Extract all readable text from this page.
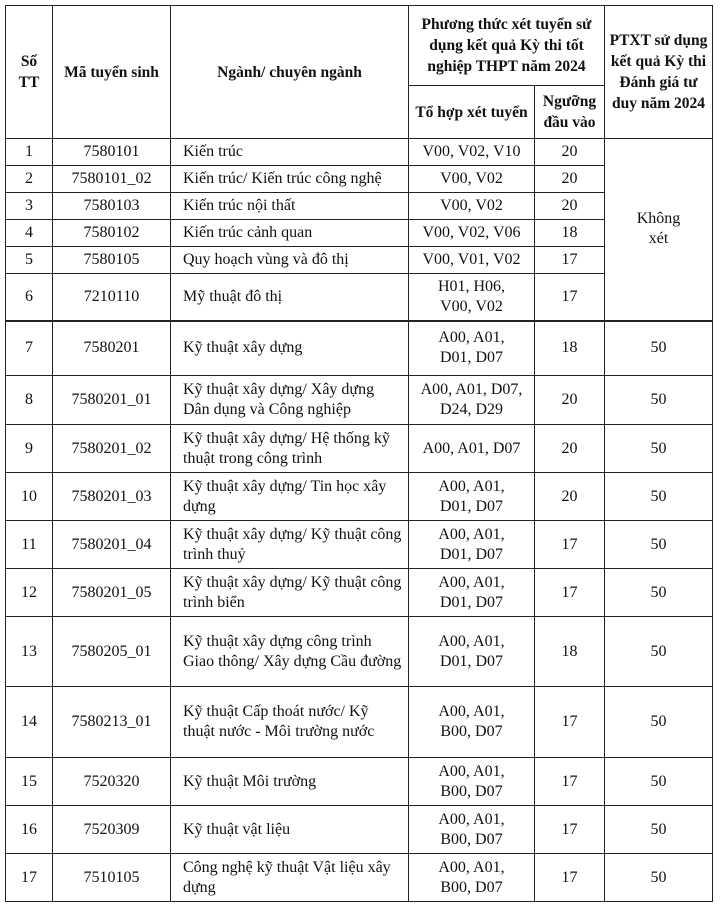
Số TT	Mã tuyển sinh	Ngành/ chuyên ngành	Phương thức xét tuyển sử dụng kết quả Kỳ thi tốt nghiệp THPT năm 2024		PTXT sử dụng kết quả Kỳ thi Đánh giá tư duy năm 2024
			Tổ hợp xét tuyển	Ngưỡng đầu vào	
1	7580101	Kiến trúc	V00, V02, V10	20	Không xét
2	7580101_02	Kiến trúc/ Kiến trúc công nghệ	V00, V02	20	
3	7580103	Kiến trúc nội thất	V00, V02	20	
4	7580102	Kiến trúc cảnh quan	V00, V02, V06	18	
5	7580105	Quy hoạch vùng và đô thị	V00, V01, V02	17	
6	7210110	Mỹ thuật đô thị	H01, H06, V00, V02	17	
7	7580201	Kỹ thuật xây dựng	A00, A01, D01, D07	18	50
8	7580201_01	Kỹ thuật xây dựng/ Xây dựng Dân dụng và Công nghiệp	A00, A01, D07, D24, D29	20	50
9	7580201_02	Kỹ thuật xây dựng/ Hệ thống kỹ thuật trong công trình	A00, A01, D07	20	50
10	7580201_03	Kỹ thuật xây dựng/ Tin học xây dựng	A00, A01, D01, D07	20	50
11	7580201_04	Kỹ thuật xây dựng/ Kỹ thuật công trình thuỷ	A00, A01, D01, D07	17	50
12	7580201_05	Kỹ thuật xây dựng/ Kỹ thuật công trình biển	A00, A01, D01, D07	17	50
13	7580205_01	Kỹ thuật xây dựng công trình Giao thông/ Xây dựng Cầu đường	A00, A01, D01, D07	18	50
14	7580213_01	Kỹ thuật Cấp thoát nước/ Kỹ thuật nước - Môi trường nước	A00, A01, B00, D07	17	50
15	7520320	Kỹ thuật Môi trường	A00, A01, B00, D07	17	50
16	7520309	Kỹ thuật vật liệu	A00, A01, B00, D07	17	50
17	7510105	Công nghệ kỹ thuật Vật liệu xây dựng	A00, A01, B00, D07	17	50
